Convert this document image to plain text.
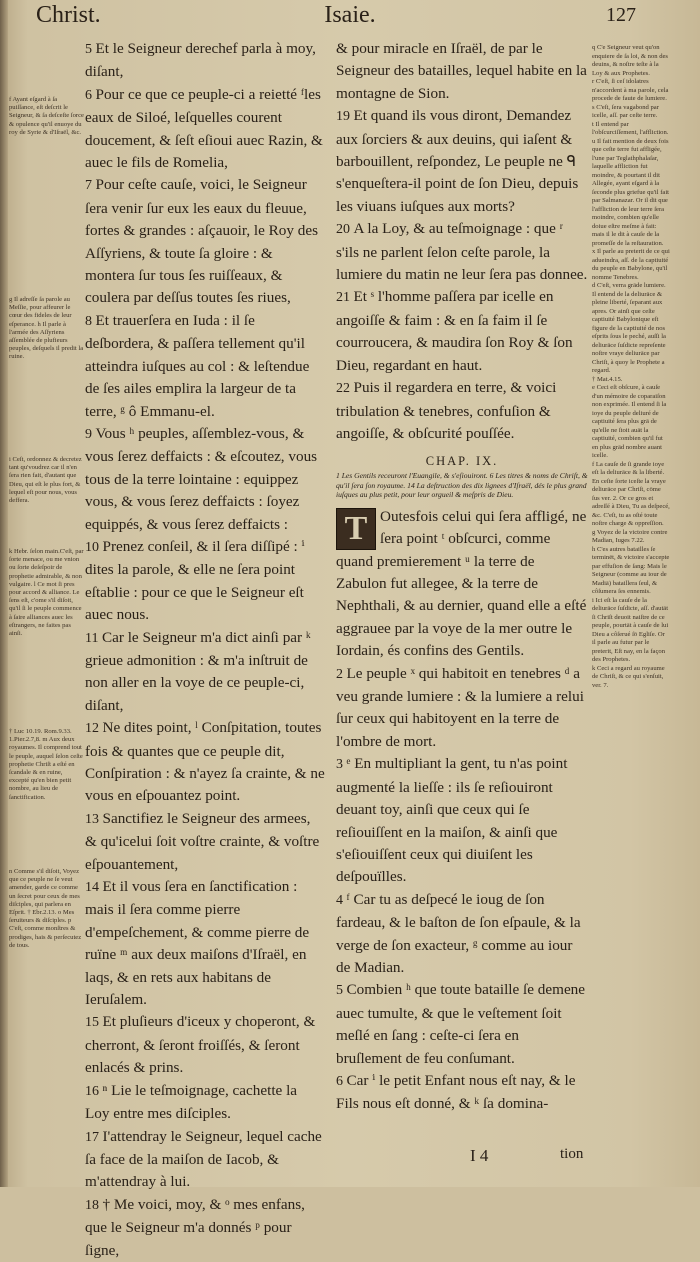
Christ.	Isaie.	127
f Ayant eſgard à ſa puiſſance, eſt deſcrit le Seigneur, & ſa deſceſte ſorce & opulence qu'il enuoye du roy de Syrie & d'Iſraël, &c.
g Il adreſſe ſa parole au Meſſie, pour affeurer le cœur des fideles de leur eſperance. h Il parle à l'armée des Aſſyriens aſſemblée de plufieurs peuples, deſquels il predit la ruine.
i Ceſt, ordonnez & decretez tant qu'voudrez car il n'en ſera rien fait, d'autant que Dieu, qui eſt le plus fort, & lequel eſt pour nous, vous deffera.
k Hebr. ſelon main.C'eſt, par ſorte menace, ou me vnion ou ſorte deſeſpoir de prophetie admirable, & non vulgaire. l Ce mot ſi pres pour accord & alliance. Le ſens eſt, c'ome s'il diſoit, qu'il ſi le peuple commence à ſaire alliances auec les eſtrangers, ne faites pas ainſi.
† Luc 10.19. Rom.9.33. 1.Pier.2.7,8. m Aux deux royaumes. Il comprend tout le peuple, auquel ſelon ceſte prophetie Chriſt a eſté en ſcandale & en ruine, excepté qu'en bien petit nombre, au lieu de ſanctification.
n Comme s'il diſoit, Voyez que ce peuple ne ſe veut amender, garde ce comme un ſecret pour ceux de mes diſciples, qui parlera en Eſprit. † Ebr.2.13. o Mes ſeruiteurs & diſciples. p C'eſt, comme monſtres & prodiges, hais & perſecutez de tous.

q C'e Seigneur veut qu'on enquiere de ſa loi, & non des deuins, & noſtre teſte à la Loy & aux Prophetes.

r C'eſt, ſi ceſ idolatres n'accordent à ma parole, cela procede de faute de lumiere.

s C'eſt, ſera vagabond par icelle, aſſ. par ceſte terre.

t Il entend par l'obſcurciſſement, l'affliction.

u Il fait mention de deux fois que ceſte terre fut affligée, l'une par Teglathphalaſar, laquelle affliction fut moindre, & pourtant il dit Allegée, ayant eſgard à la ſeconde plus griefue qu'il fait par Salmanazar. Or il dit que l'affliction de leur terre ſera moindre, combien qu'elle doiue eſtre meſme à fait: mais il le dit à cauſe de la promeſſe de la reſtauration.

x Il parle au preterit de ce qui adueindra, aſſ. de la captiuité du peuple en Babylone, qu'il nomme Tenebres.

d C'eſt, verra grāde lumiere. Il entend de la deliurāce & pleine liberté, ſeparant aux apres. Or ainſi que ceſte captiuité Babylonique eſt figure de la captiuité de nos eſprits ſous le peché, auſſi la deliurāce ſuſdicte repreſente noſtre vraye deliurāce par Chriſt, à quoy le Prophete a regard.

† Mat.4.15.

e Ceci eſt obſcure, à cauſe d'un mémoire de coparaiſon non exprimée. Il entend ſi la ioye du peuple deliuré de captiuité ſera plus grā de qu'elle ne ſtoit auāt la captiuité, combien qu'il fut en plus grād nombre auant icelle.

f La cauſe de ſi grande ioye eſt la deliurāce & la liberté. En ceſte ſorte iceſte la vraye deliurāce par Chriſt, cōme ſus ver. 2. Or ce gros et adreſſé à Dieu, Tu as deſpecé, &c. C'eſt, tu as oſté toute noſtre charge & oppreſſion.

g Voyez de la victoire contre Madian, Iuges 7.22.

h C'es autres batailles ſe terminēt, & victoire s'accepte par effuſion de ſang: Mais le Seigneur (comme au iour de Madiā) bataillera ſeul, & côſumera ſes ennemis.

i Ici eſt la cauſe de la deliurāce ſuſdicte, aſſ. d'autāt ſi Chriſt deuoit naiſtre de ce peuple, pourtāt à cauſe de lui Dieu a côſerué ſō Egliſe. Or il parle au futur par le preterit, Eſt nay, en la façon des Prophetes.

k Ceci a regard au royaume de Chriſt, & ce qui s'enſuit, ver. 7.

5 Et le Seigneur derechef parla à moy, diſant,

6 Pour ce que ce peuple-ci a reietté ᶠles eaux de Siloé, leſquelles courent doucement, & ſeſt eſioui auec Razin, & auec le fils de Romelia,

7 Pour ceſte cauſe, voici, le Seigneur ſera venir ſur eux les eaux du fleuue, fortes & grandes : aſçauoir, le Roy des Aſſyriens, & toute ſa gloire : & montera ſur tous ſes ruiſſeaux, & coulera par deſſus toutes ſes riues,

8 Et trauerſera en Iuda : il ſe deſbordera, & paſſera tellement qu'il atteindra iuſques au col : & leſtendue de ſes ailes emplira la largeur de ta terre, ᵍ ô Emmanu-el.

9 Vous ʰ peuples, aſſemblez-vous, & vous ſerez deffaicts : & eſcoutez, vous tous de la terre lointaine : equippez vous, & vous ſerez deffaicts : ſoyez equippés, & vous ſerez deffaicts :

10 Prenez conſeil, & il ſera diſſipé : ⁱ dites la parole, & elle ne ſera point eſtablie : pour ce que le Seigneur eſt auec nous.

11 Car le Seigneur m'a dict ainſi par ᵏ grieue admonition : & m'a inſtruit de non aller en la voye de ce peuple-ci, diſant,

12 Ne dites point, ˡ Conſpitation, toutes fois & quantes que ce peuple dit, Conſpiration : & n'ayez ſa crainte, & ne vous en eſpouantez point.

13 Sanctifiez le Seigneur des armees, & qu'icelui ſoit voſtre crainte, & voſtre eſpouantement,

14 Et il vous ſera en ſanctification : mais il ſera comme pierre d'empeſchement, & comme pierre de ruïne ᵐ aux deux maiſons d'Iſraël, en laqs, & en rets aux habitans de Ieruſalem.

15 Et pluſieurs d'iceux y choperont, & cherront, & ſeront froiſſés, & ſeront enlacés & prins.

16 ⁿ Lie le teſmoignage, cachette la Loy entre mes diſciples.

17 I'attendray le Seigneur, lequel cache ſa face de la maiſon de Iacob, & m'attendray à lui.

18 † Me voici, moy, & ᵒ mes enfans, que le Seigneur m'a donnés ᵖ pour ſigne,

& pour miracle en Iſraël, de par le Seigneur des batailles, lequel habite en la montagne de Sion.

19 Et quand ils vous diront, Demandez aux ſorciers & aux deuins, qui iaſent & barbouillent, reſpondez, Le peuple ne ᑫ s'enqueſtera-il point de ſon Dieu, depuis les viuans iuſques aux morts?

20 A la Loy, & au teſmoignage : que ʳ s'ils ne parlent ſelon ceſte parole, la lumiere du matin ne leur ſera pas donnee.

21 Et ˢ l'homme paſſera par icelle en angoiſſe & faim : & en ſa faim il ſe courroucera, & maudira ſon Roy & ſon Dieu, regardant en haut.

22 Puis il regardera en terre, & voici tribulation & tenebres, confuſion & angoiſſe, & obſcurité pouſſée.

CHAP. IX.
1 Les Gentils receuront l'Euangile, & s'eſiouiront. 6 Les titres & noms de Chriſt, & qu'il ſera ſon royaume. 14 La deſtruction des dix lignees d'Iſraël, dés le plus grand iuſques au plus petit, pour leur orgueil & meſpris de Dieu.
T Outesfois celui qui ſera affligé, ne ſera point ᵗ obſcurci, comme quand premierement ᵘ la terre de Zabulon fut allegee, & la terre de Nephthali, & au dernier, quand elle a eſté aggrauee par la voye de la mer outre le Iordain, és confins des Gentils.

2 Le peuple ˣ qui habitoit en tenebres ᵈ a veu grande lumiere : & la lumiere a relui ſur ceux qui habitoyent en la terre de l'ombre de mort.

3 ᵉ En multipliant la gent, tu n'as point augmenté la lieſſe : ils ſe reſiouiront deuant toy, ainſi que ceux qui ſe reſiouiſſent en la maiſon, & ainſi que s'eſiouiſſent ceux qui diuiſent les deſpouïlles.

4 ᶠ Car tu as deſpecé le ioug de ſon fardeau, & le baſton de ſon eſpaule, & la verge de ſon exacteur, ᵍ comme au iour de Madian.

5 Combien ʰ que toute bataille ſe demene auec tumulte, & que le veſtement ſoit meſlé en ſang : ceſte-ci ſera en bruſlement de feu conſumant.

6 Car ⁱ le petit Enfant nous eſt nay, & le Fils nous eſt donné, & ᵏ ſa domina-

I 4	tion
